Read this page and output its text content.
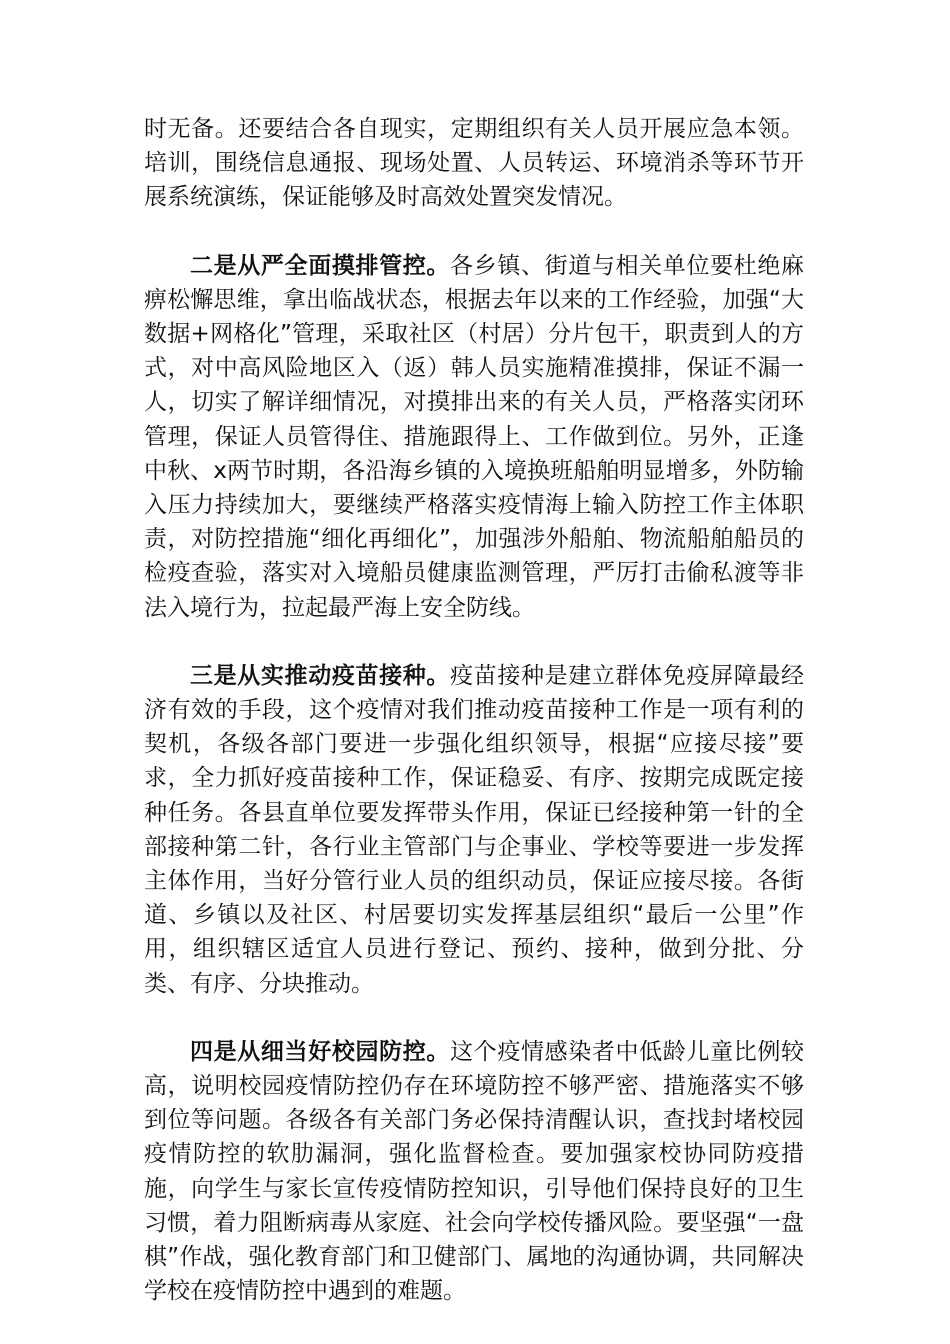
时无备。还要结合各自现实，定期组织有关人员开展应急本领。培训，围绕信息通报、现场处置、人员转运、环境消杀等环节开展系统演练，保证能够及时高效处置突发情况。

二是从严全面摸排管控。各乡镇、街道与相关单位要杜绝麻痹松懈思维，拿出临战状态，根据去年以来的工作经验，加强“大数据+网格化”管理，采取社区（村居）分片包干，职责到人的方式，对中高风险地区入（返）韩人员实施精准摸排，保证不漏一人，切实了解详细情况，对摸排出来的有关人员，严格落实闭环管理，保证人员管得住、措施跟得上、工作做到位。另外，正逢中秋、x两节时期，各沿海乡镇的入境换班船舶明显增多，外防输入压力持续加大，要继续严格落实疫情海上输入防控工作主体职责，对防控措施“细化再细化”，加强涉外船舶、物流船舶船员的检疫查验，落实对入境船员健康监测管理，严厉打击偷私渡等非法入境行为，拉起最严海上安全防线。

三是从实推动疫苗接种。疫苗接种是建立群体免疫屏障最经济有效的手段，这个疫情对我们推动疫苗接种工作是一项有利的契机，各级各部门要进一步强化组织领导，根据“应接尽接”要求，全力抓好疫苗接种工作，保证稳妥、有序、按期完成既定接种任务。各县直单位要发挥带头作用，保证已经接种第一针的全部接种第二针，各行业主管部门与企事业、学校等要进一步发挥主体作用，当好分管行业人员的组织动员，保证应接尽接。各街道、乡镇以及社区、村居要切实发挥基层组织“最后一公里”作用，组织辖区适宜人员进行登记、预约、接种，做到分批、分类、有序、分块推动。

四是从细当好校园防控。这个疫情感染者中低龄儿童比例较高，说明校园疫情防控仍存在环境防控不够严密、措施落实不够到位等问题。各级各有关部门务必保持清醒认识，查找封堵校园疫情防控的软肋漏洞，强化监督检查。要加强家校协同防疫措施，向学生与家长宣传疫情防控知识，引导他们保持良好的卫生习惯，着力阻断病毒从家庭、社会向学校传播风险。要坚强“一盘棋”作战，强化教育部门和卫健部门、属地的沟通协调，共同解决学校在疫情防控中遇到的难题。
